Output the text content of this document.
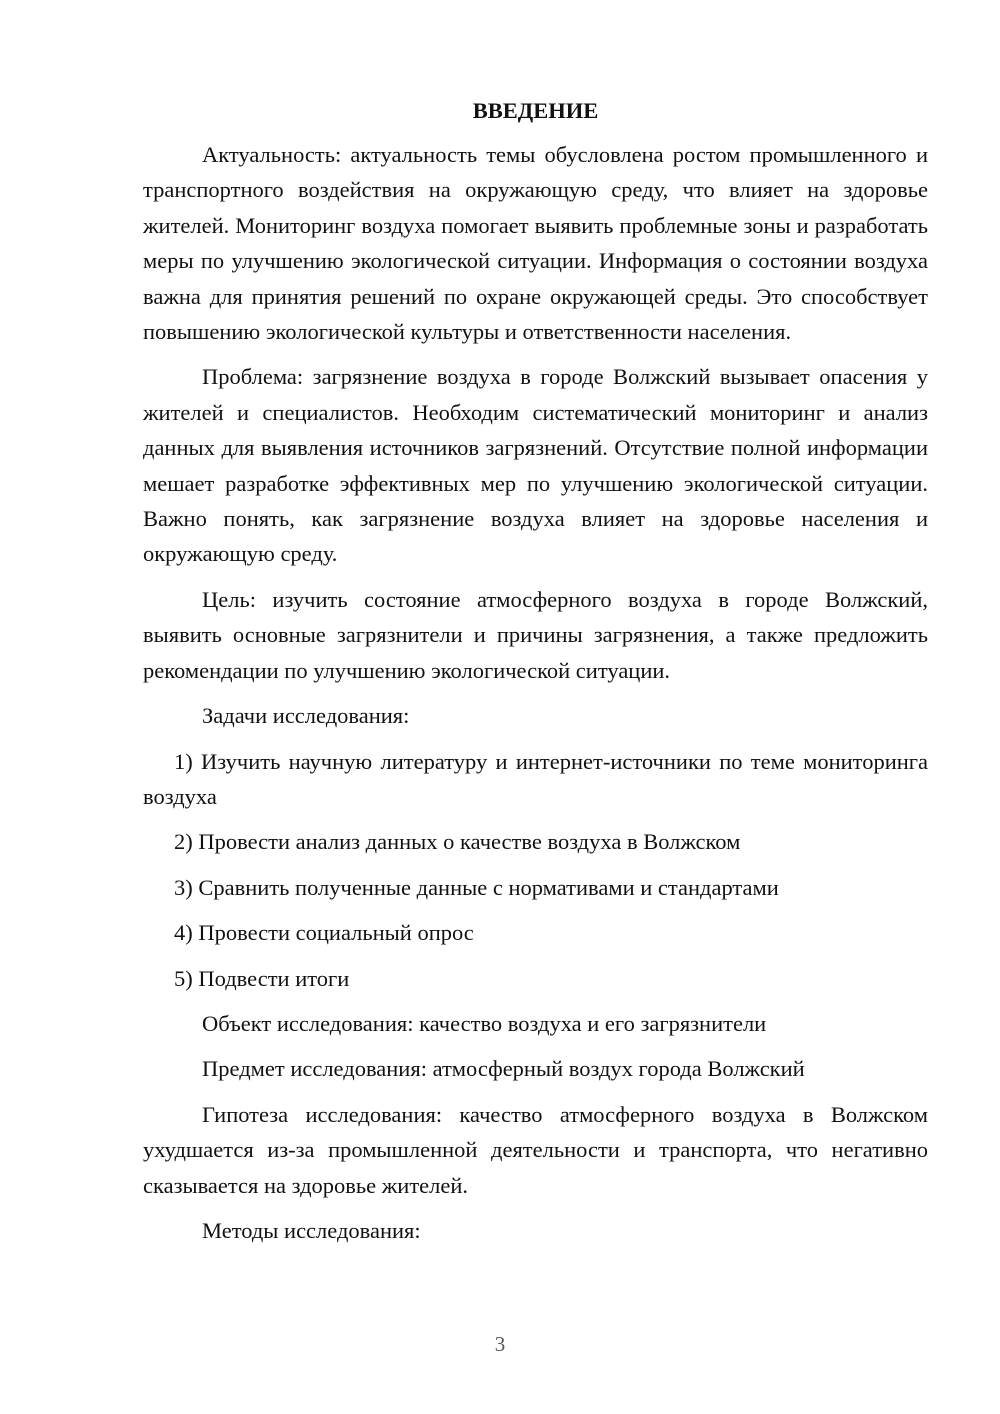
ВВЕДЕНИЕ

Актуальность: актуальность темы обусловлена ростом промышленного и транспортного воздействия на окружающую среду, что влияет на здоровье жителей. Мониторинг воздуха помогает выявить проблемные зоны и разработать меры по улучшению экологической ситуации. Информация о состоянии воздуха важна для принятия решений по охране окружающей среды. Это способствует повышению экологической культуры и ответственности населения.

Проблема: загрязнение воздуха в городе Волжский вызывает опасения у жителей и специалистов. Необходим систематический мониторинг и анализ данных для выявления источников загрязнений. Отсутствие полной информации мешает разработке эффективных мер по улучшению экологической ситуации. Важно понять, как загрязнение воздуха влияет на здоровье населения и окружающую среду.

Цель: изучить состояние атмосферного воздуха в городе Волжский, выявить основные загрязнители и причины загрязнения, а также предложить рекомендации по улучшению экологической ситуации.

Задачи исследования:

1) Изучить научную литературу и интернет-источники по теме мониторинга воздуха

2) Провести анализ данных о качестве воздуха в Волжском

3) Сравнить полученные данные с нормативами и стандартами

4) Провести социальный опрос

5) Подвести итоги

Объект исследования: качество воздуха и его загрязнители

Предмет исследования: атмосферный воздух города Волжский

Гипотеза исследования: качество атмосферного воздуха в Волжском ухудшается из-за промышленной деятельности и транспорта, что негативно сказывается на здоровье жителей.

Методы исследования:

3
